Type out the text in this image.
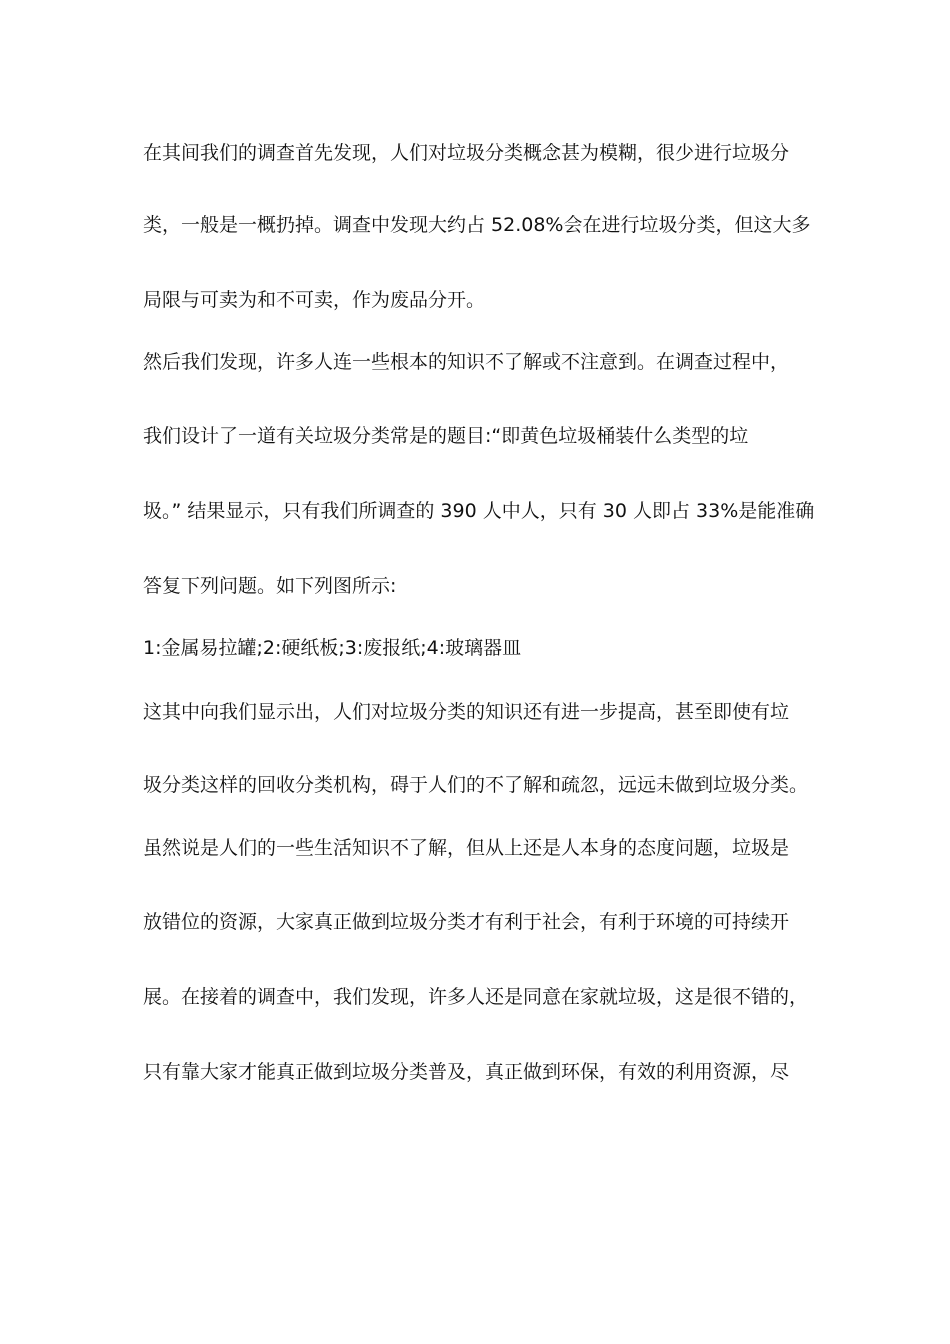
在其间我们的调查首先发现，人们对垃圾分类概念甚为模糊，很少进行垃圾分
类，一般是一概扔掉。调查中发现大约占 52.08%会在进行垃圾分类，但这大多
局限与可卖为和不可卖，作为废品分开。
然后我们发现，许多人连一些根本的知识不了解或不注意到。在调查过程中，
我们设计了一道有关垃圾分类常是的题目:“即黄色垃圾桶装什么类型的垃
圾。” 结果显示，只有我们所调查的 390 人中人，只有 30 人即占 33%是能准确
答复下列问题。如下列图所示:
1:金属易拉罐;2:硬纸板;3:废报纸;4:玻璃器皿
这其中向我们显示出，人们对垃圾分类的知识还有进一步提高，甚至即使有垃
圾分类这样的回收分类机构，碍于人们的不了解和疏忽，远远未做到垃圾分类。
虽然说是人们的一些生活知识不了解，但从上还是人本身的态度问题，垃圾是
放错位的资源，大家真正做到垃圾分类才有利于社会，有利于环境的可持续开
展。在接着的调查中，我们发现，许多人还是同意在家就垃圾，这是很不错的，
只有靠大家才能真正做到垃圾分类普及，真正做到环保，有效的利用资源，尽
